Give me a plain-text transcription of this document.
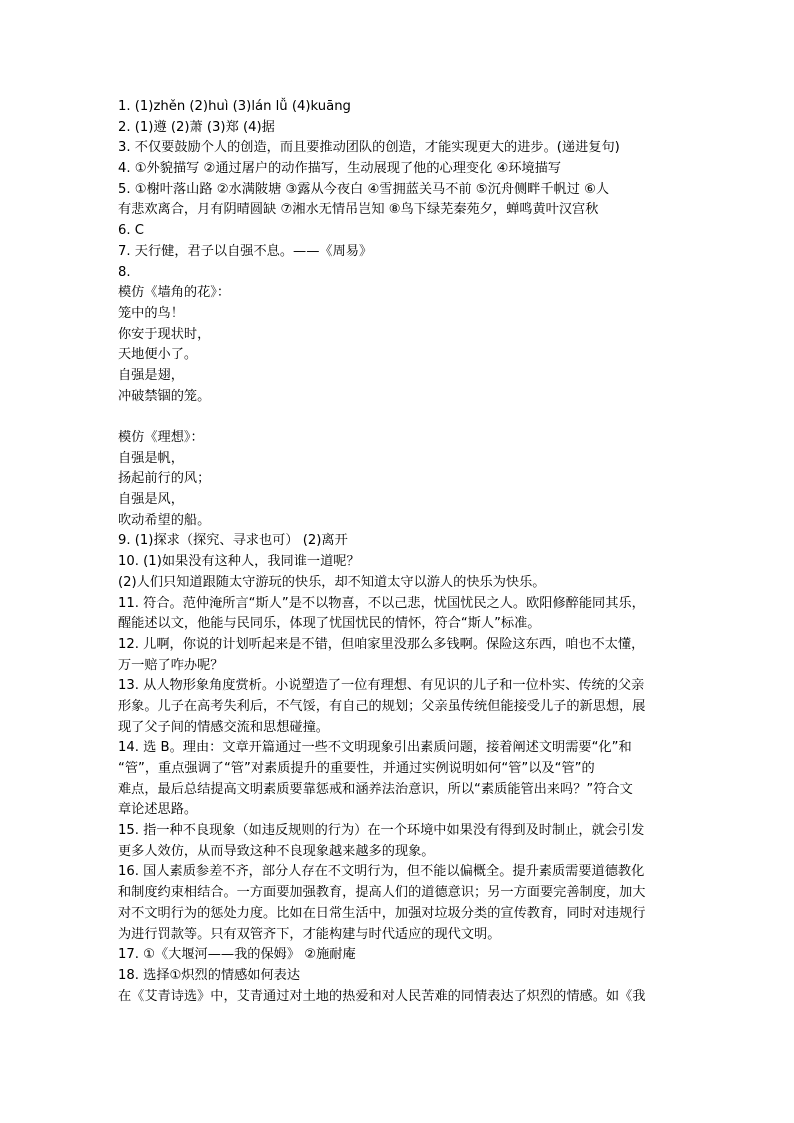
1. (1)zhěn (2)huì (3)lán lǚ (4)kuāng
2. (1)遵 (2)萧 (3)郑 (4)据
3. 不仅要鼓励个人的创造，而且要推动团队的创造，才能实现更大的进步。(递进复句)
4. ①外貌描写 ②通过屠户的动作描写，生动展现了他的心理变化 ④环境描写
5. ①榭叶落山路 ②水满陂塘 ③露从今夜白 ④雪拥蓝关马不前 ⑤沉舟侧畔千帆过 ⑥人
有悲欢离合，月有阴晴圆缺 ⑦湘水无情吊岂知 ⑧鸟下绿芜秦苑夕，蝉鸣黄叶汉宫秋
6. C
7. 天行健，君子以自强不息。——《周易》
8.
模仿《墙角的花》：
笼中的鸟！
你安于现状时，
天地便小了。
自强是翅，
冲破禁锢的笼。
模仿《理想》：
自强是帆，
扬起前行的风；
自强是风，
吹动希望的船。
9. (1)探求（探究、寻求也可） (2)离开
10. (1)如果没有这种人，我同谁一道呢？
(2)人们只知道跟随太守游玩的快乐，却不知道太守以游人的快乐为快乐。
11. 符合。范仲淹所言“斯人”是不以物喜，不以己悲，忧国忧民之人。欧阳修醉能同其乐，
醒能述以文，他能与民同乐，体现了忧国忧民的情怀，符合“斯人”标准。
12. 儿啊，你说的计划听起来是不错，但咱家里没那么多钱啊。保险这东西，咱也不太懂，
万一赔了咋办呢？
13. 从人物形象角度赏析。小说塑造了一位有理想、有见识的儿子和一位朴实、传统的父亲
形象。儿子在高考失利后，不气馁，有自己的规划；父亲虽传统但能接受儿子的新思想，展
现了父子间的情感交流和思想碰撞。
14. 选 B。理由：文章开篇通过一些不文明现象引出素质问题，接着阐述文明需要“化”和
“管”，重点强调了“管”对素质提升的重要性，并通过实例说明如何“管”以及“管”的
难点，最后总结提高文明素质要靠惩戒和涵养法治意识，所以“素质能管出来吗？”符合文
章论述思路。
15. 指一种不良现象（如违反规则的行为）在一个环境中如果没有得到及时制止，就会引发
更多人效仿，从而导致这种不良现象越来越多的现象。
16. 国人素质参差不齐，部分人存在不文明行为，但不能以偏概全。提升素质需要道德教化
和制度约束相结合。一方面要加强教育，提高人们的道德意识；另一方面要完善制度，加大
对不文明行为的惩处力度。比如在日常生活中，加强对垃圾分类的宣传教育，同时对违规行
为进行罚款等。只有双管齐下，才能构建与时代适应的现代文明。
17. ①《大堰河——我的保姆》 ②施耐庵
18. 选择①炽烈的情感如何表达
在《艾青诗选》中，艾青通过对土地的热爱和对人民苦难的同情表达了炽烈的情感。如《我
